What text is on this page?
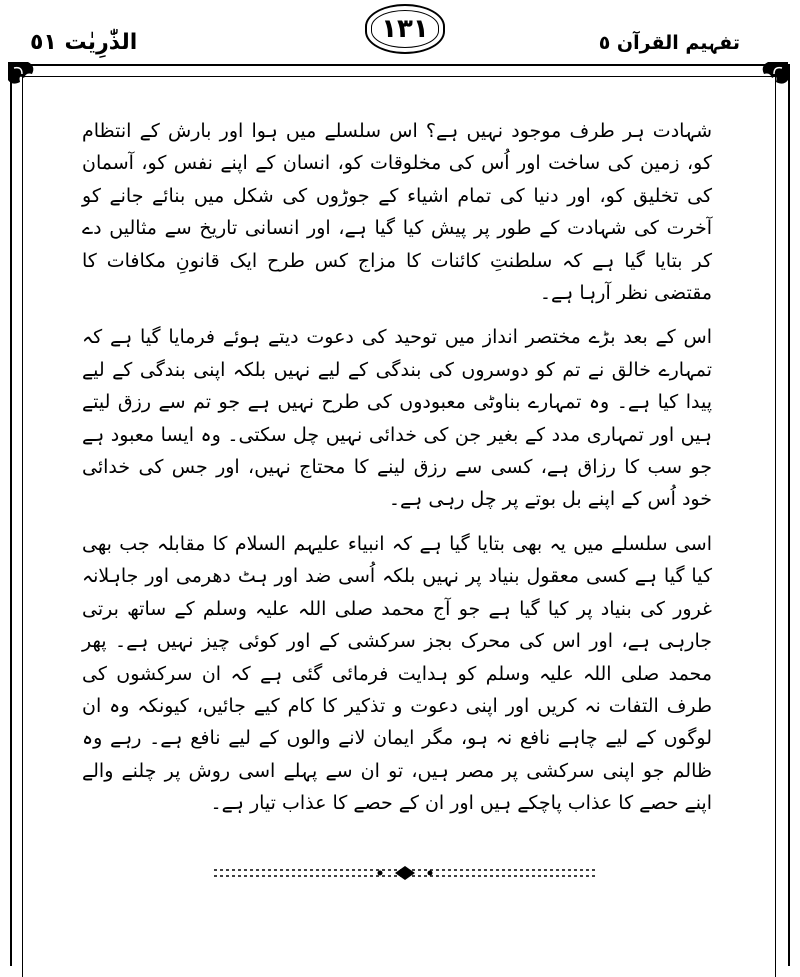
الذّٰرِيٰت ٥١	١٣١	تفہیم القرآن ٥

شہادت ہر طرف موجود نہیں ہے؟ اس سلسلے میں ہوا اور بارش کے انتظام کو، زمین کی ساخت اور اُس کی مخلوقات کو، انسان کے اپنے نفس کو، آسمان کی تخلیق کو، اور دنیا کی تمام اشیاء کے جوڑوں کی شکل میں بنائے جانے کو آخرت کی شہادت کے طور پر پیش کیا گیا ہے، اور انسانی تاریخ سے مثالیں دے کر بتایا گیا ہے کہ سلطنتِ کائنات کا مزاج کس طرح ایک قانونِ مکافات کا مقتضی نظر آرہا ہے۔

اس کے بعد بڑے مختصر انداز میں توحید کی دعوت دیتے ہوئے فرمایا گیا ہے کہ تمہارے خالق نے تم کو دوسروں کی بندگی کے لیے نہیں بلکہ اپنی بندگی کے لیے پیدا کیا ہے۔ وہ تمہارے بناوٹی معبودوں کی طرح نہیں ہے جو تم سے رزق لیتے ہیں اور تمہاری مدد کے بغیر جن کی خدائی نہیں چل سکتی۔ وہ ایسا معبود ہے جو سب کا رزاق ہے، کسی سے رزق لینے کا محتاج نہیں، اور جس کی خدائی خود اُس کے اپنے بل بوتے پر چل رہی ہے۔

اسی سلسلے میں یہ بھی بتایا گیا ہے کہ انبیاء علیہم السلام کا مقابلہ جب بھی کیا گیا ہے کسی معقول بنیاد پر نہیں بلکہ اُسی ضد اور ہٹ دھرمی اور جاہلانہ غرور کی بنیاد پر کیا گیا ہے جو آج محمد صلی اللہ علیہ وسلم کے ساتھ برتی جارہی ہے، اور اس کی محرک بجز سرکشی کے اور کوئی چیز نہیں ہے۔ پھر محمد صلی اللہ علیہ وسلم کو ہدایت فرمائی گئی ہے کہ ان سرکشوں کی طرف التفات نہ کریں اور اپنی دعوت و تذکیر کا کام کیے جائیں، کیونکہ وہ ان لوگوں کے لیے چاہے نافع نہ ہو، مگر ایمان لانے والوں کے لیے نافع ہے۔ رہے وہ ظالم جو اپنی سرکشی پر مصر ہیں، تو ان سے پہلے اسی روش پر چلنے والے اپنے حصے کا عذاب پاچکے ہیں اور ان کے حصے کا عذاب تیار ہے۔
